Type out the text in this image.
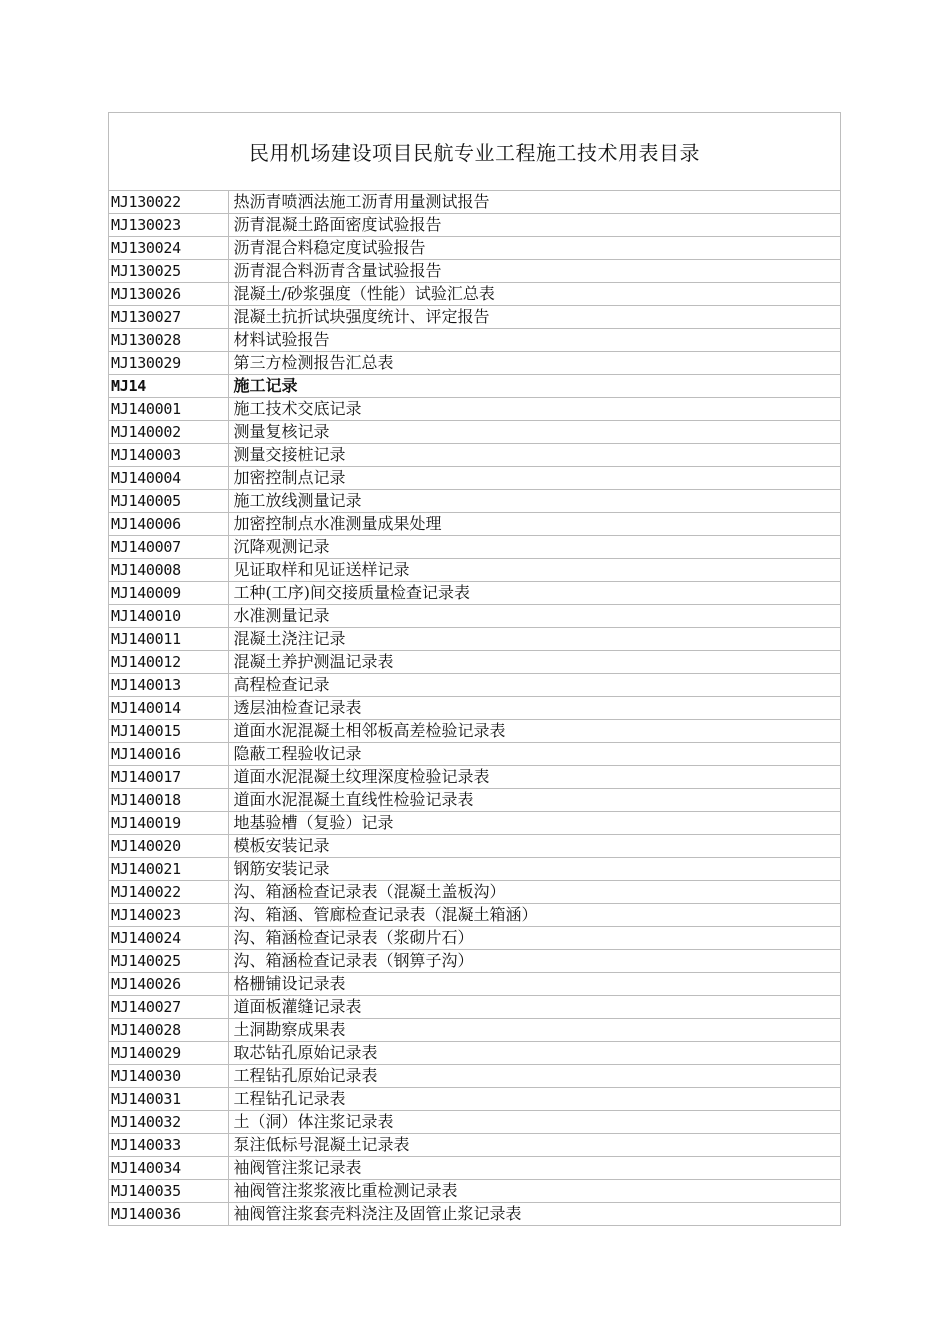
民用机场建设项目民航专业工程施工技术用表目录
MJ130022	热沥青喷洒法施工沥青用量测试报告
MJ130023	沥青混凝土路面密度试验报告
MJ130024	沥青混合料稳定度试验报告
MJ130025	沥青混合料沥青含量试验报告
MJ130026	混凝土/砂浆强度（性能）试验汇总表
MJ130027	混凝土抗折试块强度统计、评定报告
MJ130028	材料试验报告
MJ130029	第三方检测报告汇总表
MJ14	施工记录
MJ140001	施工技术交底记录
MJ140002	测量复核记录
MJ140003	测量交接桩记录
MJ140004	加密控制点记录
MJ140005	施工放线测量记录
MJ140006	加密控制点水准测量成果处理
MJ140007	沉降观测记录
MJ140008	见证取样和见证送样记录
MJ140009	工种(工序)间交接质量检查记录表
MJ140010	水准测量记录
MJ140011	混凝土浇注记录
MJ140012	混凝土养护测温记录表
MJ140013	高程检查记录
MJ140014	透层油检查记录表
MJ140015	道面水泥混凝土相邻板高差检验记录表
MJ140016	隐蔽工程验收记录
MJ140017	道面水泥混凝土纹理深度检验记录表
MJ140018	道面水泥混凝土直线性检验记录表
MJ140019	地基验槽（复验）记录
MJ140020	模板安装记录
MJ140021	钢筋安装记录
MJ140022	沟、箱涵检查记录表（混凝土盖板沟）
MJ140023	沟、箱涵、管廊检查记录表（混凝土箱涵）
MJ140024	沟、箱涵检查记录表（浆砌片石）
MJ140025	沟、箱涵检查记录表（钢箅子沟）
MJ140026	格栅铺设记录表
MJ140027	道面板灌缝记录表
MJ140028	土洞勘察成果表
MJ140029	取芯钻孔原始记录表
MJ140030	工程钻孔原始记录表
MJ140031	工程钻孔记录表
MJ140032	土（洞）体注浆记录表
MJ140033	泵注低标号混凝土记录表
MJ140034	袖阀管注浆记录表
MJ140035	袖阀管注浆浆液比重检测记录表
MJ140036	袖阀管注浆套壳料浇注及固管止浆记录表
